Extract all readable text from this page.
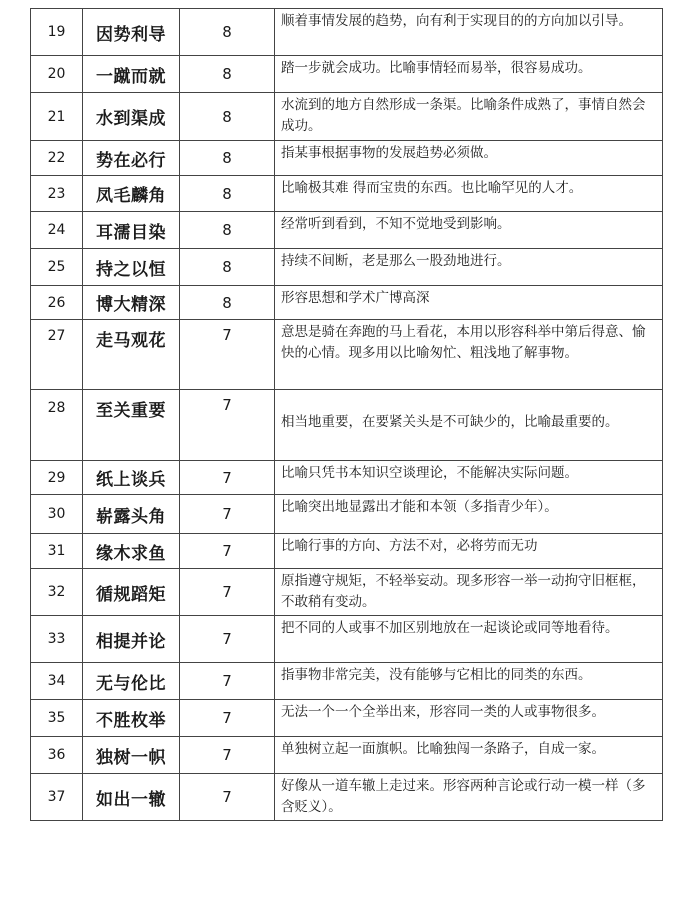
19	因势利导	8	顺着事情发展的趋势，向有利于实现目的的方向加以引导。
20	一蹴而就	8	踏一步就会成功。比喻事情轻而易举，很容易成功。
21	水到渠成	8	水流到的地方自然形成一条渠。比喻条件成熟了，事情自然会成功。
22	势在必行	8	指某事根据事物的发展趋势必须做。
23	凤毛麟角	8	比喻极其难 得而宝贵的东西。也比喻罕见的人才。
24	耳濡目染	8	经常听到看到，不知不觉地受到影响。
25	持之以恒	8	持续不间断，老是那么一股劲地进行。
26	博大精深	8	形容思想和学术广博高深
27	走马观花	7	意思是骑在奔跑的马上看花，本用以形容科举中第后得意、愉快的心情。现多用以比喻匆忙、粗浅地了解事物。
28	至关重要	7	相当地重要，在要紧关头是不可缺少的，比喻最重要的。
29	纸上谈兵	7	比喻只凭书本知识空谈理论，不能解决实际问题。
30	崭露头角	7	比喻突出地显露出才能和本领（多指青少年）。
31	缘木求鱼	7	比喻行事的方向、方法不对，必将劳而无功
32	循规蹈矩	7	原指遵守规矩，不轻举妄动。现多形容一举一动拘守旧框框，不敢稍有变动。
33	相提并论	7	把不同的人或事不加区别地放在一起谈论或同等地看待。
34	无与伦比	7	指事物非常完美，没有能够与它相比的同类的东西。
35	不胜枚举	7	无法一个一个全举出来，形容同一类的人或事物很多。
36	独树一帜	7	单独树立起一面旗帜。比喻独闯一条路子，自成一家。
37	如出一辙	7	好像从一道车辙上走过来。形容两种言论或行动一模一样（多含贬义）。
